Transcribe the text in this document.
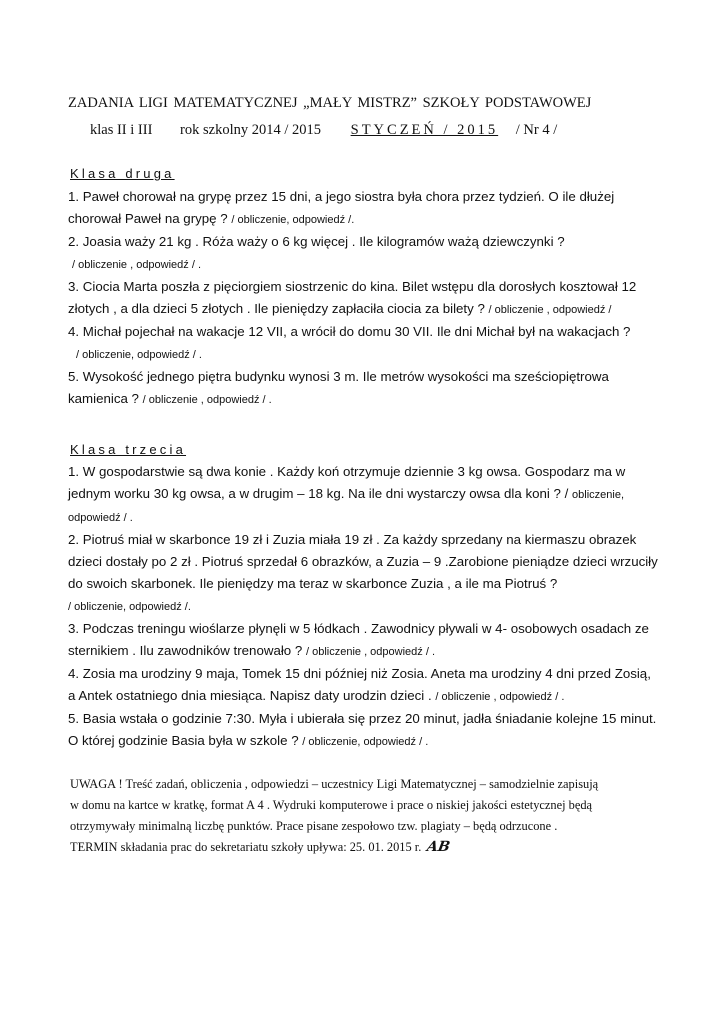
ZADANIA LIGI MATEMATYCZNEJ „MAŁY MISTRZ” SZKOŁY PODSTAWOWEJ
klas II i III rok szkolny 2014 / 2015 STYCZEŃ / 2015 / Nr 4 /
Klasa druga

1. Paweł chorował na grypę przez 15 dni, a jego siostra była chora przez tydzień. O ile dłużej chorował Paweł na grypę ? / obliczenie, odpowiedź /.

2. Joasia waży 21 kg . Róża waży o 6 kg więcej . Ile kilogramów ważą dziewczynki ?
/ obliczenie , odpowiedź / .

3. Ciocia Marta poszła z pięciorgiem siostrzenic do kina. Bilet wstępu dla dorosłych kosztował 12 złotych , a dla dzieci 5 złotych . Ile pieniędzy zapłaciła ciocia za bilety ? / obliczenie , odpowiedź /

4. Michał pojechał na wakacje 12 VII, a wrócił do domu 30 VII. Ile dni Michał był na wakacjach ?
/ obliczenie, odpowiedź / .

5. Wysokość jednego piętra budynku wynosi 3 m. Ile metrów wysokości ma sześciopiętrowa kamienica ? / obliczenie , odpowiedź / .

Klasa trzecia

1. W gospodarstwie są dwa konie . Każdy koń otrzymuje dziennie 3 kg owsa. Gospodarz ma w jednym worku 30 kg owsa, a w drugim – 18 kg. Na ile dni wystarczy owsa dla koni ? / obliczenie, odpowiedź / .

2. Piotruś miał w skarbonce 19 zł i Zuzia miała 19 zł . Za każdy sprzedany na kiermaszu obrazek dzieci dostały po 2 zł . Piotruś sprzedał 6 obrazków, a Zuzia – 9 .Zarobione pieniądze dzieci wrzuciły do swoich skarbonek. Ile pieniędzy ma teraz w skarbonce Zuzia , a ile ma Piotruś ?
/ obliczenie, odpowiedź /.

3. Podczas treningu wioślarze płynęli w 5 łódkach . Zawodnicy pływali w 4- osobowych osadach ze sternikiem . Ilu zawodników trenowało ? / obliczenie , odpowiedź / .

4. Zosia ma urodziny 9 maja, Tomek 15 dni później niż Zosia. Aneta ma urodziny 4 dni przed Zosią, a Antek ostatniego dnia miesiąca. Napisz daty urodzin dzieci . / obliczenie , odpowiedź / .

5. Basia wstała o godzinie 7:30. Myła i ubierała się przez 20 minut, jadła śniadanie kolejne 15 minut. O której godzinie Basia była w szkole ? / obliczenie, odpowiedź / .

UWAGA ! Treść zadań, obliczenia , odpowiedzi – uczestnicy Ligi Matematycznej – samodzielnie zapisują

w domu na kartce w kratkę, format A 4 . Wydruki komputerowe i prace o niskiej jakości estetycznej będą

otrzymywały minimalną liczbę punktów. Prace pisane zespołowo tzw. plagiaty – będą odrzucone .

TERMIN składania prac do sekretariatu szkoły upływa: 25. 01. 2015 r. AB
